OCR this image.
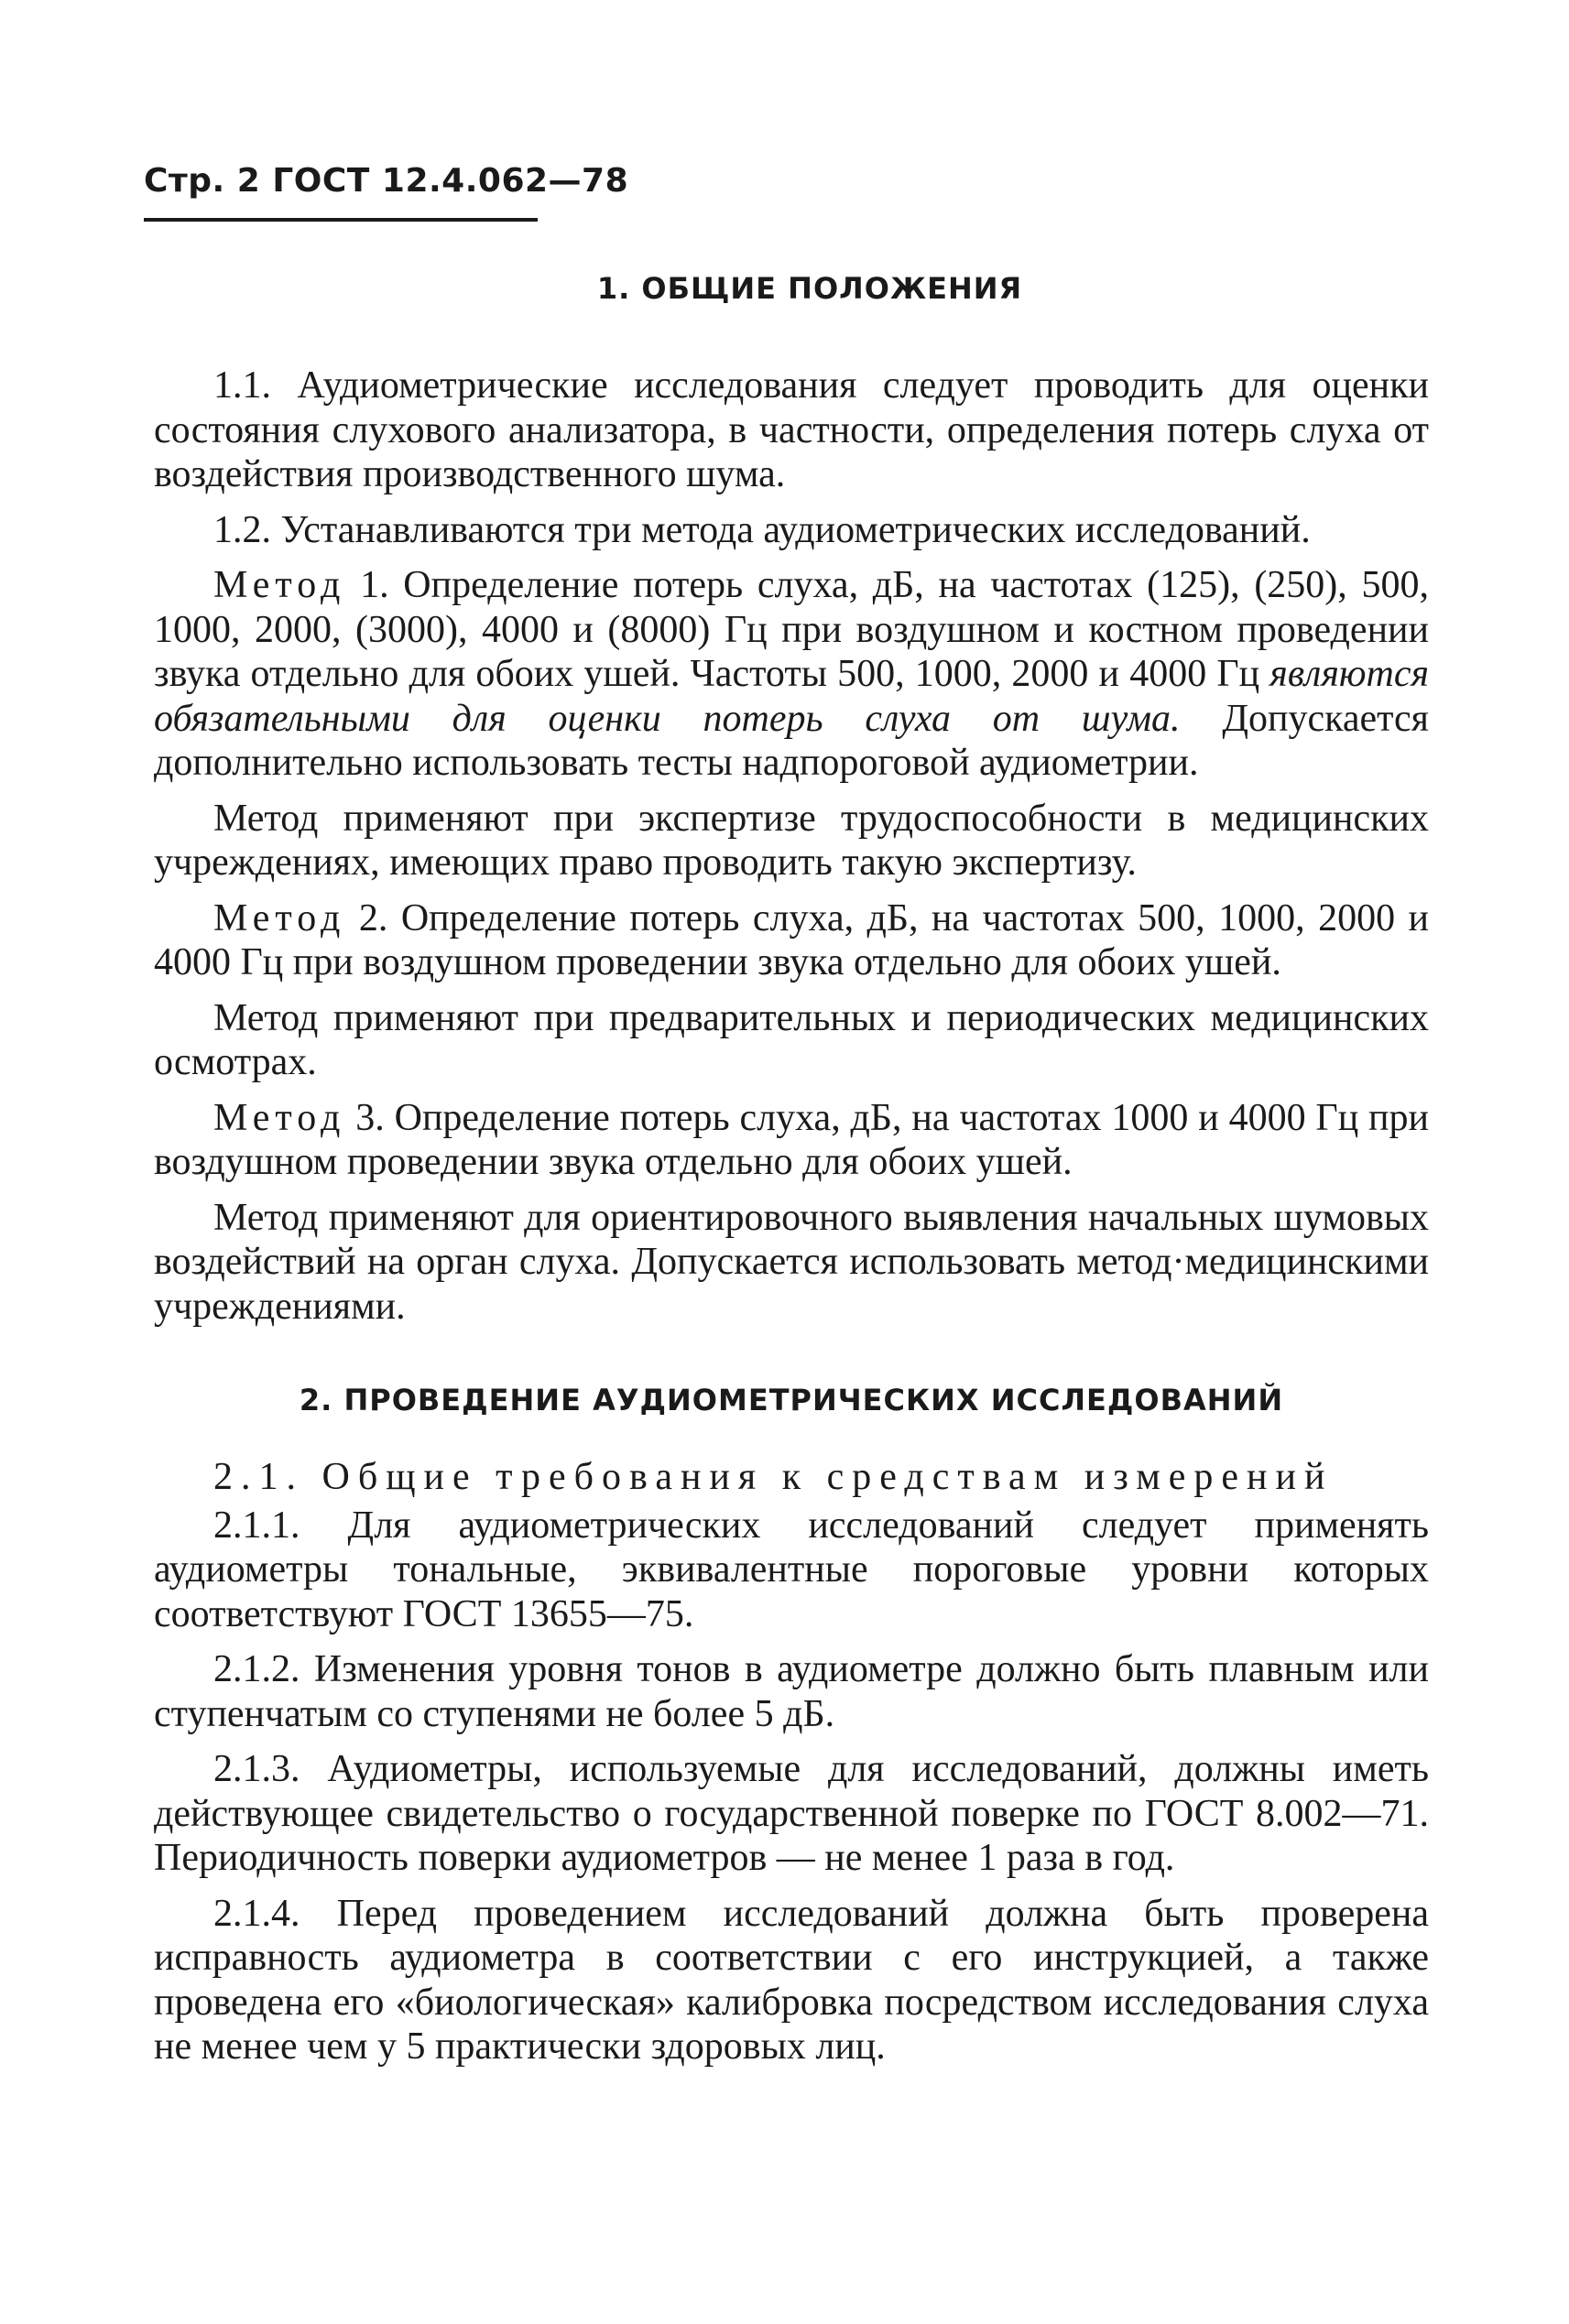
Стр. 2 ГОСТ 12.4.062—78
1. ОБЩИЕ ПОЛОЖЕНИЯ

1.1. Аудиометрические исследования следует проводить для оценки состояния слухового анализатора, в частности, определения потерь слуха от воздействия производственного шума.

1.2. Устанавливаются три метода аудиометрических исследований.

Метод 1. Определение потерь слуха, дБ, на частотах (125), (250), 500, 1000, 2000, (3000), 4000 и (8000) Гц при воздушном и костном проведении звука отдельно для обоих ушей. Частоты 500, 1000, 2000 и 4000 Гц являются обязательными для оценки потерь слуха от шума. Допускается дополнительно использовать тесты надпороговой аудиометрии.

Метод применяют при экспертизе трудоспособности в медицинских учреждениях, имеющих право проводить такую экспертизу.

Метод 2. Определение потерь слуха, дБ, на частотах 500, 1000, 2000 и 4000 Гц при воздушном проведении звука отдельно для обоих ушей.

Метод применяют при предварительных и периодических медицинских осмотрах.

Метод 3. Определение потерь слуха, дБ, на частотах 1000 и 4000 Гц при воздушном проведении звука отдельно для обоих ушей.

Метод применяют для ориентировочного выявления начальных шумовых воздействий на орган слуха. Допускается использовать метод·медицинскими учреждениями.

2. ПРОВЕДЕНИЕ АУДИОМЕТРИЧЕСКИХ ИССЛЕДОВАНИЙ

2.1. Общие требования к средствам измерений

2.1.1. Для аудиометрических исследований следует применять аудиометры тональные, эквивалентные пороговые уровни которых соответствуют ГОСТ 13655—75.

2.1.2. Изменения уровня тонов в аудиометре должно быть плавным или ступенчатым со ступенями не более 5 дБ.

2.1.3. Аудиометры, используемые для исследований, должны иметь действующее свидетельство о государственной поверке по ГОСТ 8.002—71. Периодичность поверки аудиометров — не менее 1 раза в год.

2.1.4. Перед проведением исследований должна быть проверена исправность аудиометра в соответствии с его инструкцией, а также проведена его «биологическая» калибровка посредством исследования слуха не менее чем у 5 практически здоровых лиц.
